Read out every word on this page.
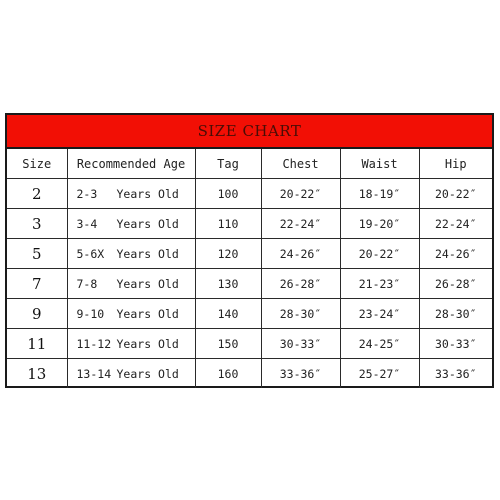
SIZE CHART
Size	Recommended Age	Tag	Chest	Waist	Hip
2	2-3 Years Old	100	20-22″	18-19″	20-22″
3	3-4 Years Old	110	22-24″	19-20″	22-24″
5	5-6X Years Old	120	24-26″	20-22″	24-26″
7	7-8 Years Old	130	26-28″	21-23″	26-28″
9	9-10 Years Old	140	28-30″	23-24″	28-30″
11	11-12 Years Old	150	30-33″	24-25″	30-33″
13	13-14 Years Old	160	33-36″	25-27″	33-36″
